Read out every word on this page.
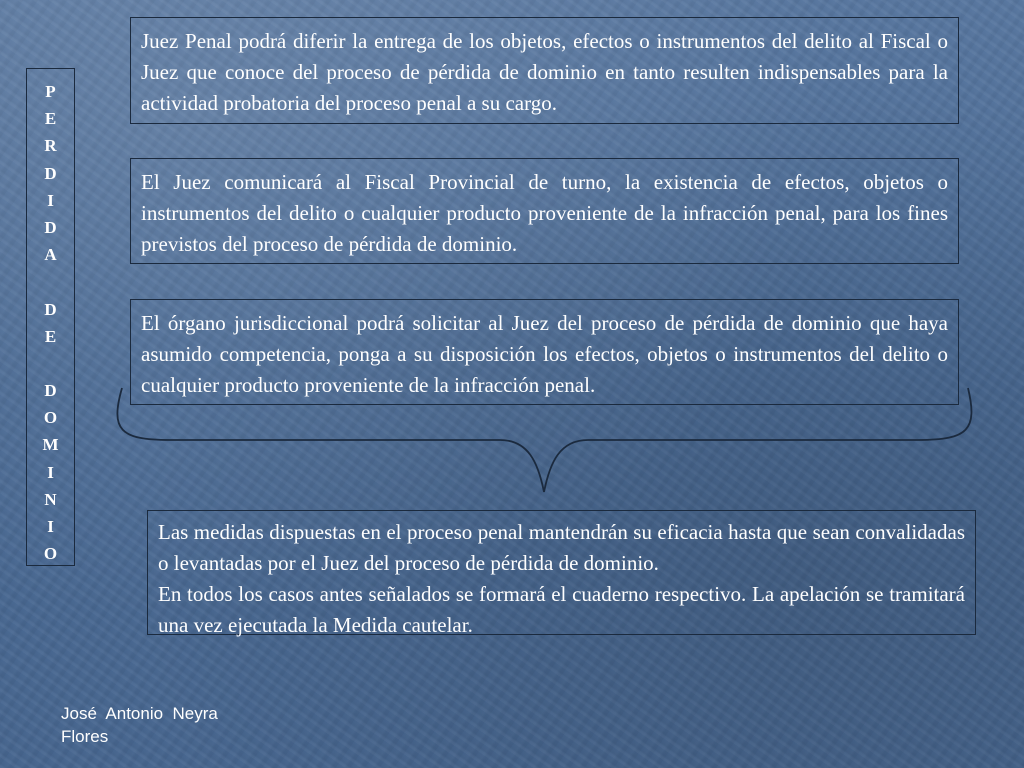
P
E
R
D
I
D
A
D
E
D
O
M
I
N
I
O

Juez Penal podrá diferir la entrega de los objetos, efectos o instrumentos del delito al Fiscal o Juez que conoce del proceso de pérdida de dominio en tanto resulten indispensables para la actividad probatoria del proceso penal a su cargo.

El Juez comunicará al Fiscal Provincial de turno, la existencia de efectos, objetos o instrumentos del delito o cualquier producto proveniente de la infracción penal, para los fines previstos del proceso de pérdida de dominio.

El órgano jurisdiccional podrá solicitar al Juez del proceso de pérdida de dominio que haya asumido competencia, ponga a su disposición los efectos, objetos o instrumentos del delito o cualquier producto proveniente de la infracción penal.

Las medidas dispuestas en el proceso penal mantendrán su eficacia hasta que sean convalidadas o levantadas por el Juez del proceso de pérdida de dominio.

En todos los casos antes señalados se formará el cuaderno respectivo. La apelación se tramitará una vez ejecutada la Medida cautelar.

José  Antonio  Neyra
Flores
